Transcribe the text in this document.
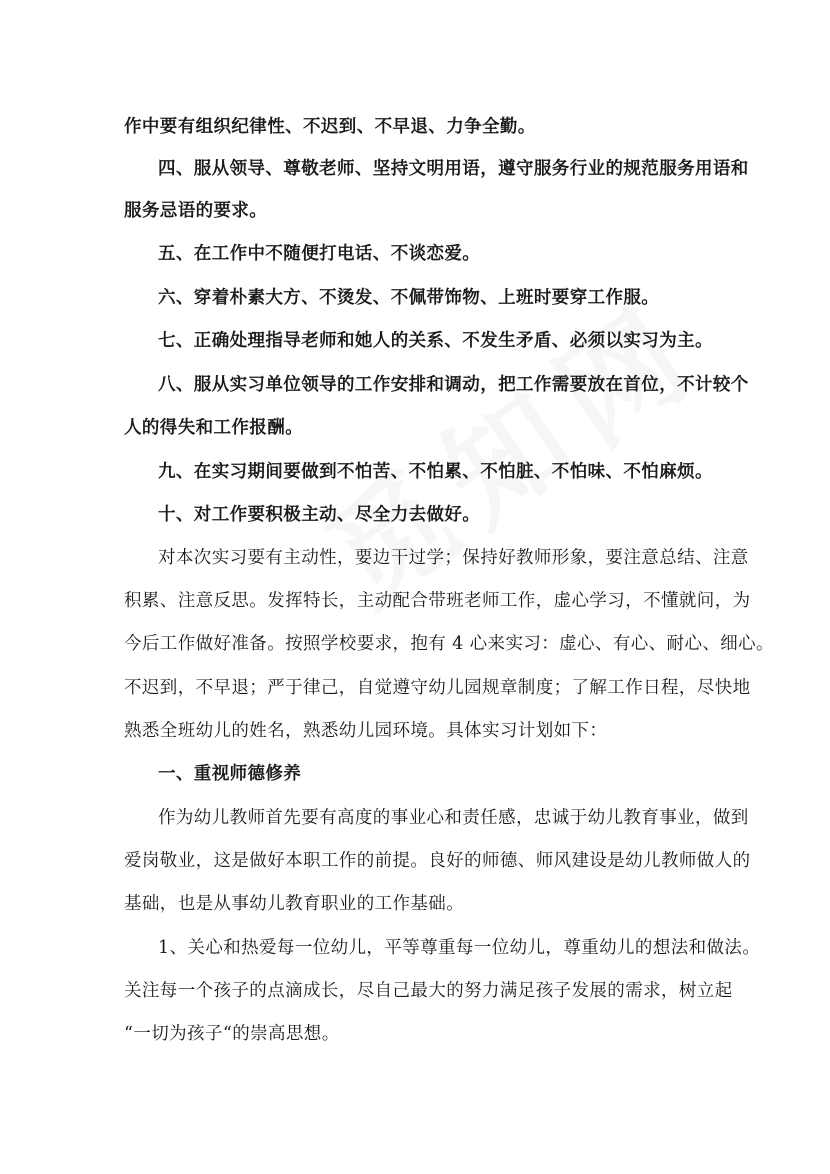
作中要有组织纪律性、不迟到、不早退、力争全勤。
四、服从领导、尊敬老师、坚持文明用语，遵守服务行业的规范服务用语和
服务忌语的要求。
五、在工作中不随便打电话、不谈恋爱。
六、穿着朴素大方、不烫发、不佩带饰物、上班时要穿工作服。
七、正确处理指导老师和她人的关系、不发生矛盾、必须以实习为主。
八、服从实习单位领导的工作安排和调动，把工作需要放在首位，不计较个
人的得失和工作报酬。
九、在实习期间要做到不怕苦、不怕累、不怕脏、不怕味、不怕麻烦。
十、对工作要积极主动、尽全力去做好。
对本次实习要有主动性，要边干过学；保持好教师形象，要注意总结、注意
积累、注意反思。发挥特长，主动配合带班老师工作，虚心学习，不懂就问，为
今后工作做好准备。按照学校要求，抱有 4 心来实习：虚心、有心、耐心、细心。
不迟到，不早退；严于律己，自觉遵守幼儿园规章制度；了解工作日程，尽快地
熟悉全班幼儿的姓名，熟悉幼儿园环境。具体实习计划如下：
一、重视师德修养
作为幼儿教师首先要有高度的事业心和责任感，忠诚于幼儿教育事业，做到
爱岗敬业，这是做好本职工作的前提。良好的师德、师风建设是幼儿教师做人的
基础，也是从事幼儿教育职业的工作基础。
1、关心和热爱每一位幼儿，平等尊重每一位幼儿，尊重幼儿的想法和做法。
关注每一个孩子的点滴成长，尽自己最大的努力满足孩子发展的需求，树立起
“一切为孩子“的崇高思想。
